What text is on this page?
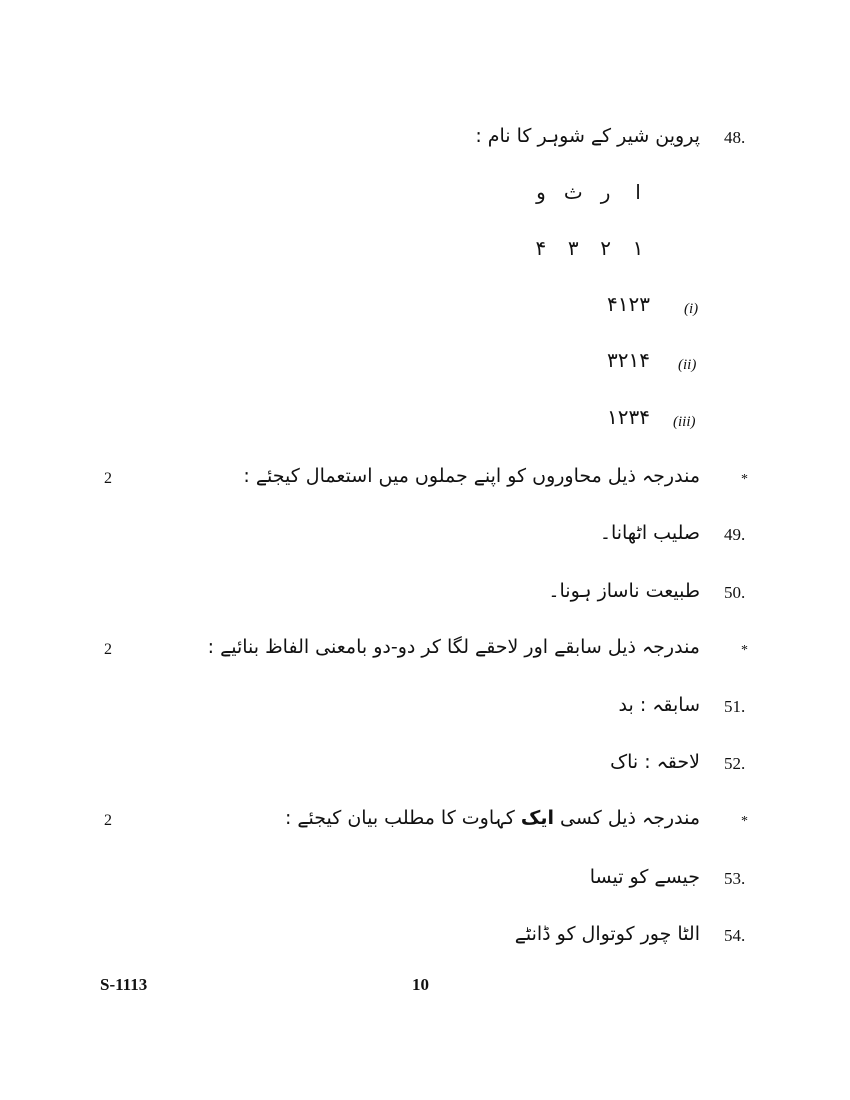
48.
پروین شیر کے شوہر کا نام :
ا ر ث و
۱ ۲ ۳ ۴
(i)
۴۱۲۳
(ii)
۳۲۱۴
(iii)
۱۲۳۴
*
مندرجہ ذیل محاوروں کو اپنے جملوں میں استعمال کیجئے :
2
49.
صلیب اٹھانا۔
50.
طبیعت ناساز ہونا۔
*
مندرجہ ذیل سابقے اور لاحقے لگا کر دو-دو بامعنی الفاظ بنائیے :
2
51.
سابقہ : بد
52.
لاحقہ : ناک
*
مندرجہ ذیل کسی ایک کہاوت کا مطلب بیان کیجئے :
2
53.
جیسے کو تیسا
54.
الٹا چور کوتوال کو ڈانٹے
S-1113	10
